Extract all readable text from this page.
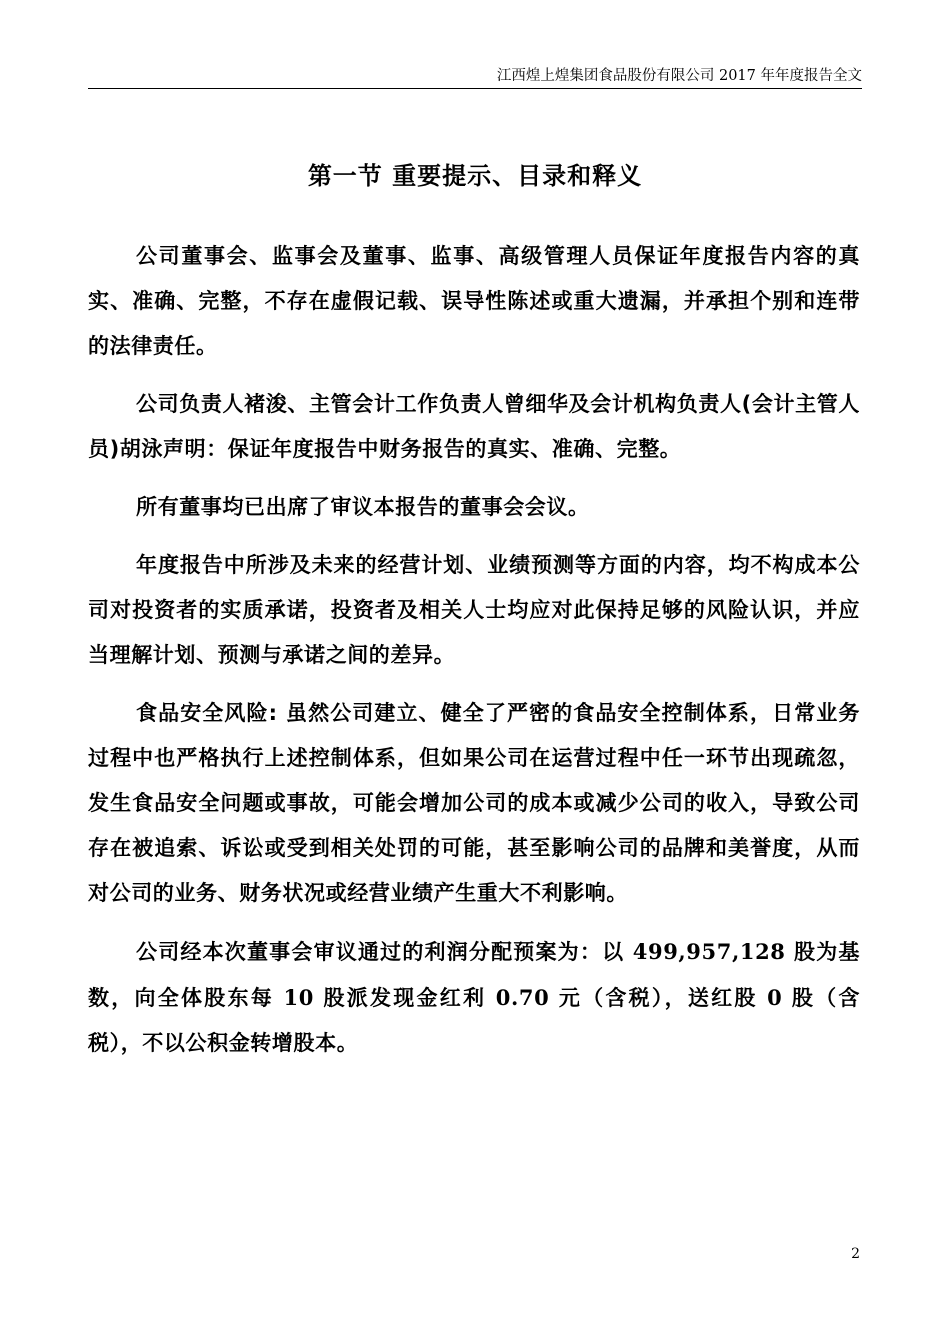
江西煌上煌集团食品股份有限公司 2017 年年度报告全文
第一节 重要提示、目录和释义

公司董事会、监事会及董事、监事、高级管理人员保证年度报告内容的真实、准确、完整，不存在虚假记载、误导性陈述或重大遗漏，并承担个别和连带的法律责任。

公司负责人褚浚、主管会计工作负责人曾细华及会计机构负责人(会计主管人员)胡泳声明：保证年度报告中财务报告的真实、准确、完整。

所有董事均已出席了审议本报告的董事会会议。

年度报告中所涉及未来的经营计划、业绩预测等方面的内容，均不构成本公司对投资者的实质承诺，投资者及相关人士均应对此保持足够的风险认识，并应当理解计划、预测与承诺之间的差异。

食品安全风险: 虽然公司建立、健全了严密的食品安全控制体系，日常业务过程中也严格执行上述控制体系，但如果公司在运营过程中任一环节出现疏忽，发生食品安全问题或事故，可能会增加公司的成本或减少公司的收入，导致公司存在被追索、诉讼或受到相关处罚的可能，甚至影响公司的品牌和美誉度，从而对公司的业务、财务状况或经营业绩产生重大不利影响。

公司经本次董事会审议通过的利润分配预案为：以 499,957,128 股为基数，向全体股东每 10 股派发现金红利 0.70 元（含税），送红股 0 股（含税），不以公积金转增股本。

2
